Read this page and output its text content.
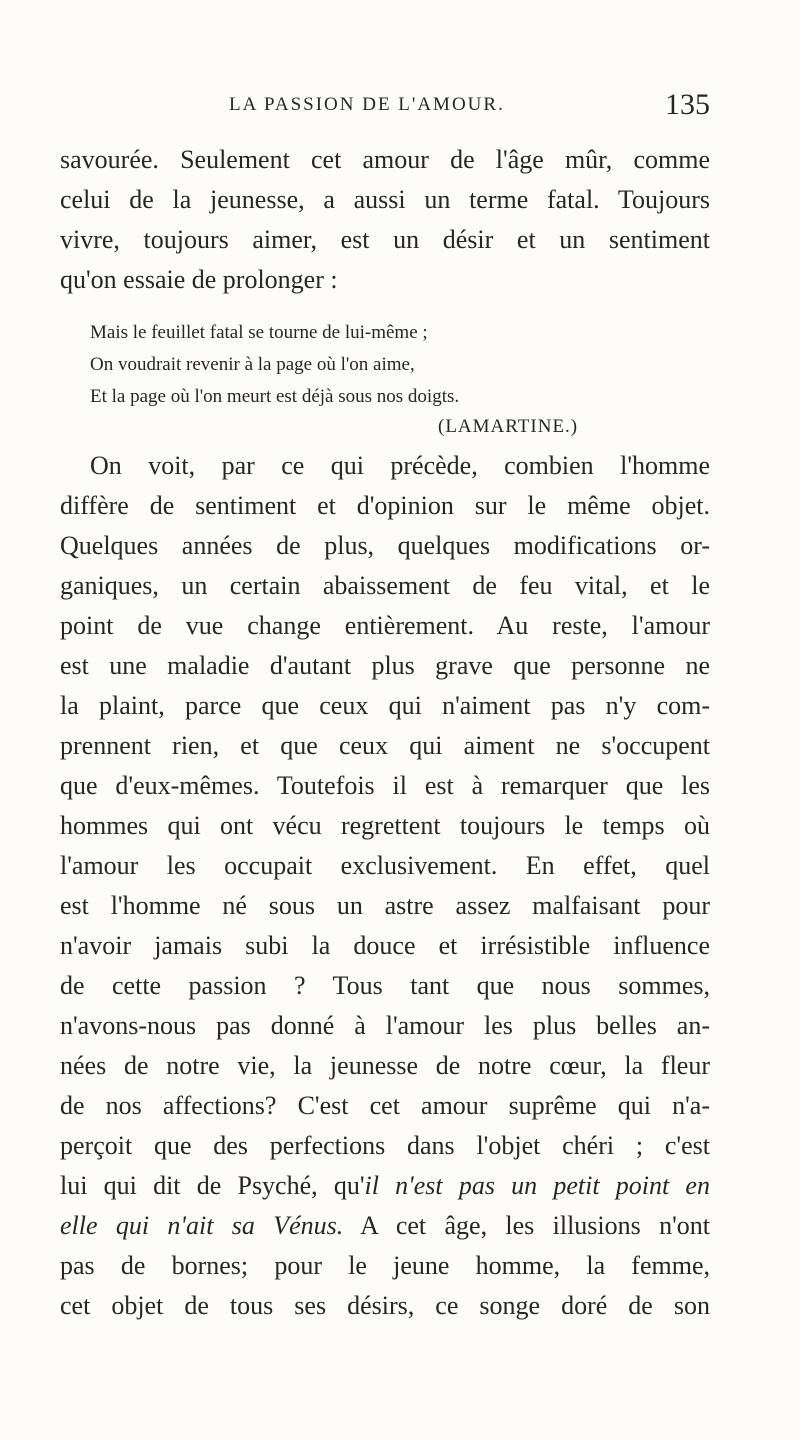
LA PASSION DE L'AMOUR.	135
savourée. Seulement cet amour de l'âge mûr, comme
celui de la jeunesse, a aussi un terme fatal. Toujours
vivre, toujours aimer, est un désir et un sentiment
qu'on essaie de prolonger :
Mais le feuillet fatal se tourne de lui-même ;
On voudrait revenir à la page où l'on aime,
Et la page où l'on meurt est déjà sous nos doigts.
(LAMARTINE.)
On voit, par ce qui précède, combien l'homme
diffère de sentiment et d'opinion sur le même objet.
Quelques années de plus, quelques modifications or-
ganiques, un certain abaissement de feu vital, et le
point de vue change entièrement. Au reste, l'amour
est une maladie d'autant plus grave que personne ne
la plaint, parce que ceux qui n'aiment pas n'y com-
prennent rien, et que ceux qui aiment ne s'occupent
que d'eux-mêmes. Toutefois il est à remarquer que les
hommes qui ont vécu regrettent toujours le temps où
l'amour les occupait exclusivement. En effet, quel
est l'homme né sous un astre assez malfaisant pour
n'avoir jamais subi la douce et irrésistible influence
de cette passion ? Tous tant que nous sommes,
n'avons-nous pas donné à l'amour les plus belles an-
nées de notre vie, la jeunesse de notre cœur, la fleur
de nos affections? C'est cet amour suprême qui n'a-
perçoit que des perfections dans l'objet chéri ; c'est
lui qui dit de Psyché, qu'il n'est pas un petit point en
elle qui n'ait sa Vénus. A cet âge, les illusions n'ont
pas de bornes; pour le jeune homme, la femme,
cet objet de tous ses désirs, ce songe doré de son
